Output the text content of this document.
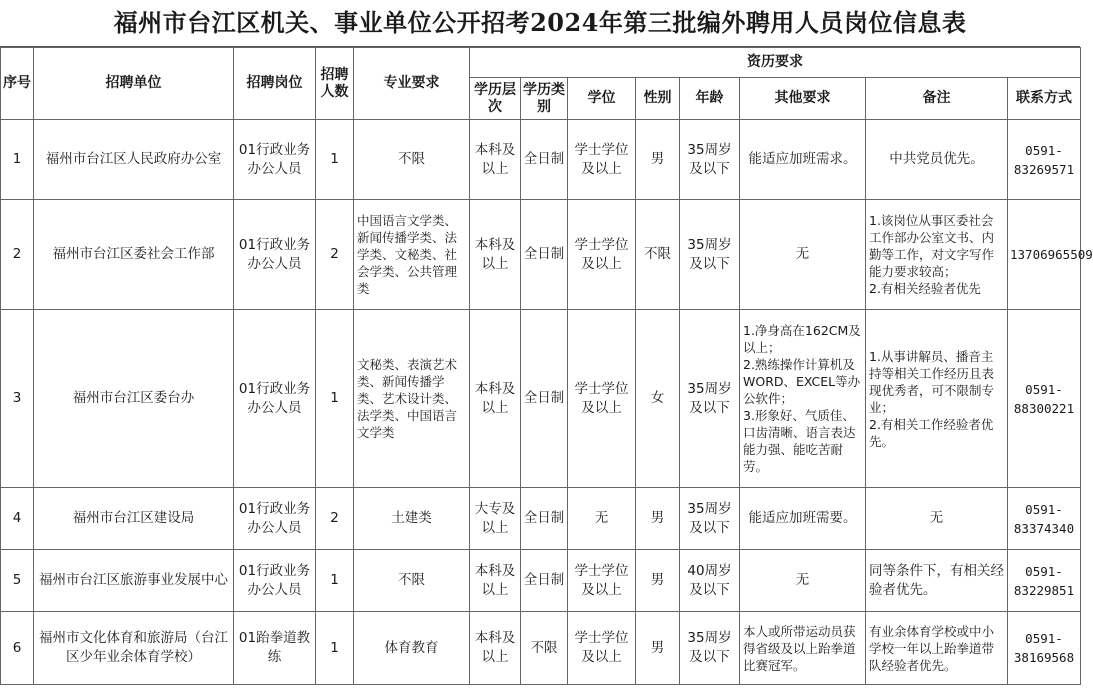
福州市台江区机关、事业单位公开招考2024年第三批编外聘用人员岗位信息表
序号	招聘单位	招聘岗位	招聘人数	专业要求	资历要求							
					学历层次	学历类别	学位	性别	年龄	其他要求	备注	联系方式
1	福州市台江区人民政府办公室	01行政业务办公人员	1	不限	本科及以上	全日制	学士学位及以上	男	35周岁及以下	能适应加班需求。	中共党员优先。	0591-83269571
2	福州市台江区委社会工作部	01行政业务办公人员	2	中国语言文学类、新闻传播学类、法学类、文秘类、社会学类、公共管理类	本科及以上	全日制	学士学位及以上	不限	35周岁及以下	无	1.该岗位从事区委社会工作部办公室文书、内勤等工作，对文字写作能力要求较高；
2.有相关经验者优先	13706965509
3	福州市台江区委台办	01行政业务办公人员	1	文秘类、表演艺术类、新闻传播学类、艺术设计类、法学类、中国语言文学类	本科及以上	全日制	学士学位及以上	女	35周岁及以下	1.净身高在162CM及以上；
2.熟练操作计算机及WORD、EXCEL等办公软件；
3.形象好、气质佳、口齿清晰、语言表达能力强、能吃苦耐劳。	1.从事讲解员、播音主持等相关工作经历且表现优秀者，可不限制专业；
2.有相关工作经验者优先。	0591-88300221
4	福州市台江区建设局	01行政业务办公人员	2	土建类	大专及以上	全日制	无	男	35周岁及以下	能适应加班需要。	无	0591-83374340
5	福州市台江区旅游事业发展中心	01行政业务办公人员	1	不限	本科及以上	全日制	学士学位及以上	男	40周岁及以下	无	同等条件下，有相关经验者优先。	0591-83229851
6	福州市文化体育和旅游局（台江区少年业余体育学校）	01跆拳道教练	1	体育教育	本科及以上	不限	学士学位及以上	男	35周岁及以下	本人或所带运动员获得省级及以上跆拳道比赛冠军。	有业余体育学校或中小学校一年以上跆拳道带队经验者优先。	0591-38169568
